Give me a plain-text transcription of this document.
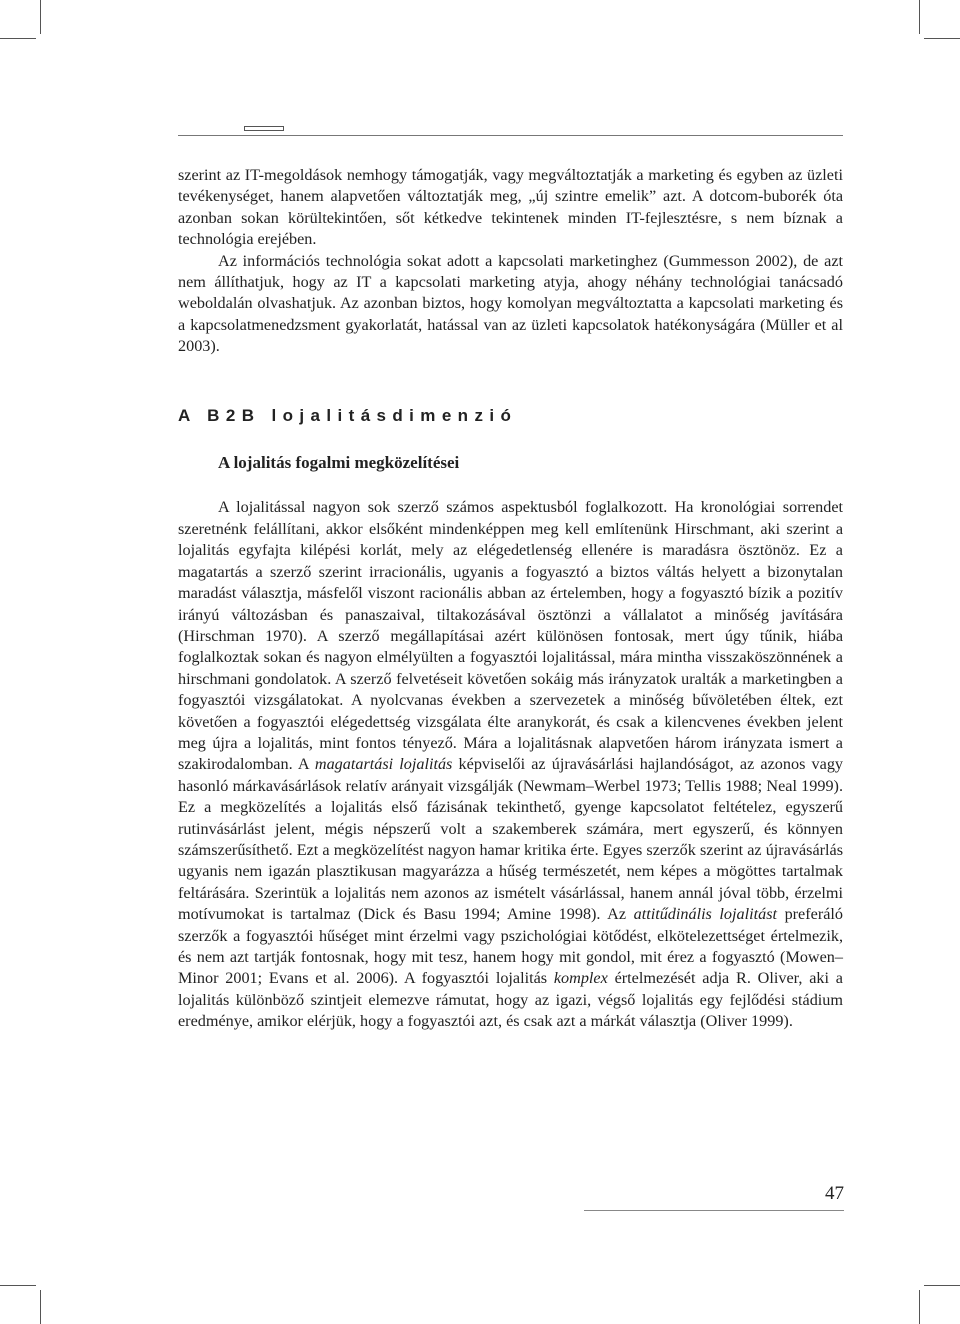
szerint az IT-megoldások nemhogy támogatják, vagy megváltoztatják a marketing és egyben az üzleti tevékenységet, hanem alapvetően változtatják meg, „új szintre emelik” azt. A dotcom-buborék óta azonban sokan körültekintően, sőt kétkedve tekintenek minden IT-fejlesztésre, s nem bíznak a technológia erejében.

Az információs technológia sokat adott a kapcsolati marketinghez (Gummesson 2002), de azt nem állíthatjuk, hogy az IT a kapcsolati marketing atyja, ahogy néhány technológiai tanácsadó weboldalán olvashatjuk. Az azonban biztos, hogy komolyan megváltoztatta a kapcsolati marketing és a kapcsolatmenedzsment gyakorlatát, hatással van az üzleti kapcsolatok hatékonyságára (Müller et al 2003).

A B2B lojalitásdimenzió
A lojalitás fogalmi megközelítései

A lojalitással nagyon sok szerző számos aspektusból foglalkozott. Ha kronológiai sorrendet szeretnénk felállítani, akkor elsőként mindenképpen meg kell említenünk Hirschmant, aki szerint a lojalitás egyfajta kilépési korlát, mely az elégedetlenség ellenére is maradásra ösztönöz. Ez a magatartás a szerző szerint irracionális, ugyanis a fogyasztó a biztos váltás helyett a bizonytalan maradást választja, másfelől viszont racionális abban az értelemben, hogy a fogyasztó bízik a pozitív irányú változásban és panaszaival, tiltakozásával ösztönzi a vállalatot a minőség javítására (Hirschman 1970). A szerző megállapításai azért különösen fontosak, mert úgy tűnik, hiába foglalkoztak sokan és nagyon elmélyülten a fogyasztói lojalitással, mára mintha visszaköszönnének a hirschmani gondolatok. A szerző felvetéseit követően sokáig más irányzatok uralták a marketingben a fogyasztói vizsgálatokat. A nyolcvanas években a szervezetek a minőség bűvöletében éltek, ezt követően a fogyasztói elégedettség vizsgálata élte aranykorát, és csak a kilencvenes években jelent meg újra a lojalitás, mint fontos tényező. Mára a lojalitásnak alapvetően három irányzata ismert a szakirodalomban. A magatartási lojalitás képviselői az újravásárlási hajlandóságot, az azonos vagy hasonló márkavásárlások relatív arányait vizsgálják (Newmam–Werbel 1973; Tellis 1988; Neal 1999). Ez a megközelítés a lojalitás első fázisának tekinthető, gyenge kapcsolatot feltételez, egyszerű rutinvásárlást jelent, mégis népszerű volt a szakemberek számára, mert egyszerű, és könnyen számszerűsíthető. Ezt a megközelítést nagyon hamar kritika érte. Egyes szerzők szerint az újravásárlás ugyanis nem igazán plasztikusan magyarázza a hűség természetét, nem képes a mögöttes tartalmak feltárására. Szerintük a lojalitás nem azonos az ismételt vásárlással, hanem annál jóval több, érzelmi motívumokat is tartalmaz (Dick és Basu 1994; Amine 1998). Az attitűdinális lojalitást preferáló szerzők a fogyasztói hűséget mint érzelmi vagy pszichológiai kötődést, elkötelezettséget értelmezik, és nem azt tartják fontosnak, hogy mit tesz, hanem hogy mit gondol, mit érez a fogyasztó (Mowen–Minor 2001; Evans et al. 2006). A fogyasztói lojalitás komplex értelmezését adja R. Oliver, aki a lojalitás különböző szintjeit elemezve rámutat, hogy az igazi, végső lojalitás egy fejlődési stádium eredménye, amikor elérjük, hogy a fogyasztói azt, és csak azt a márkát választja (Oliver 1999).

47
